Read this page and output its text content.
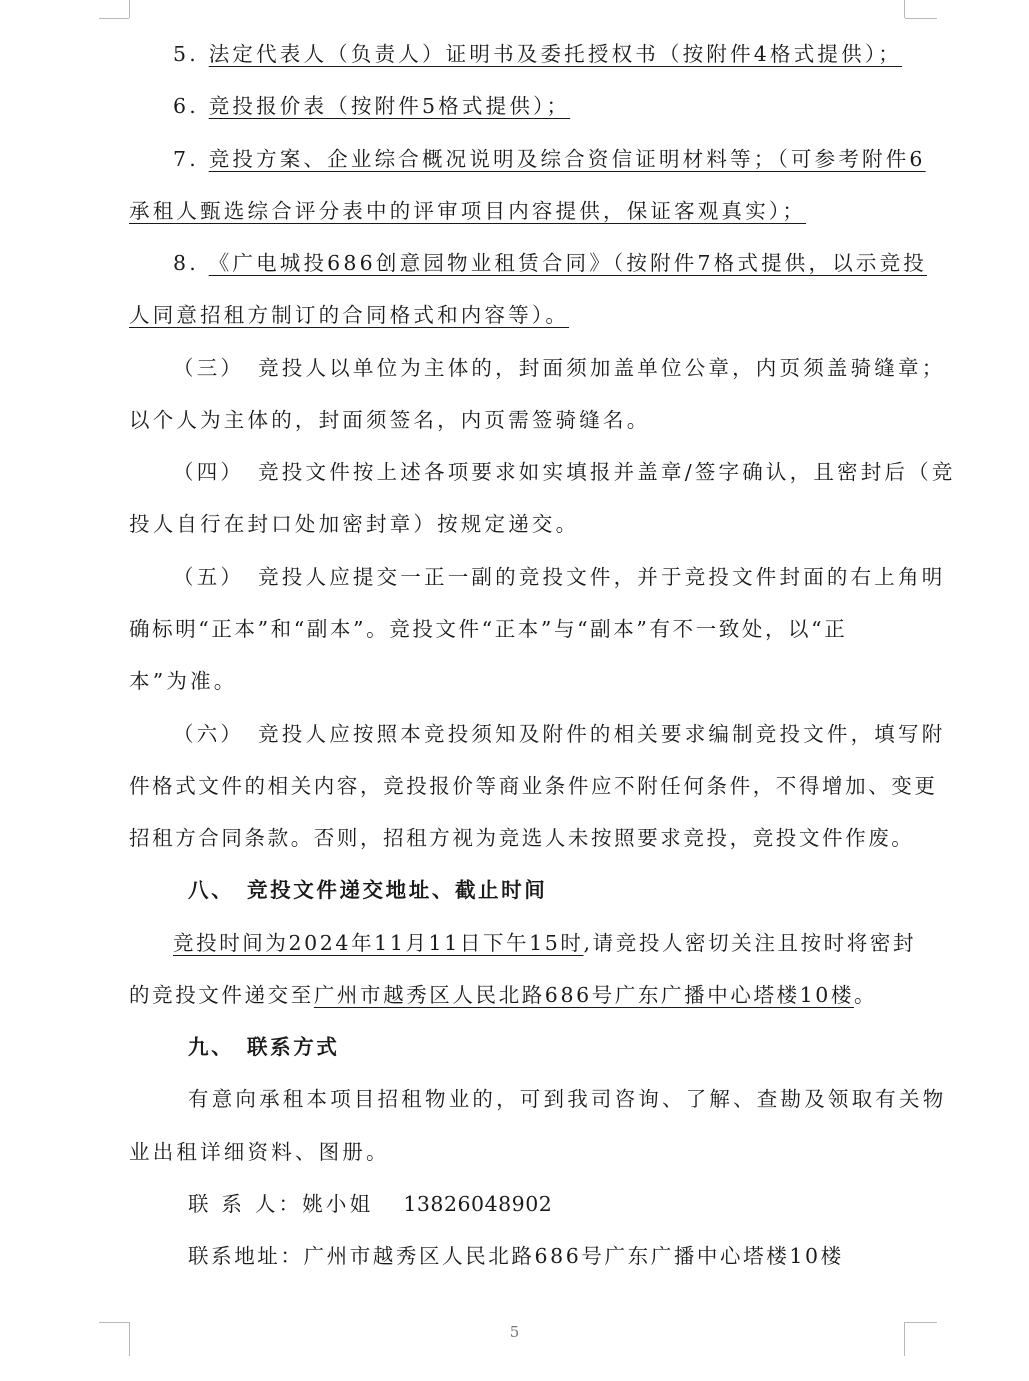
5. 法定代表人（负责人）证明书及委托授权书（按附件4格式提供）；
6. 竞投报价表（按附件5格式提供）；
7. 竞投方案、企业综合概况说明及综合资信证明材料等；（可参考附件6
承租人甄选综合评分表中的评审项目内容提供，保证客观真实）；
8. 《广电城投686创意园物业租赁合同》（按附件7格式提供，以示竞投
人同意招租方制订的合同格式和内容等）。
（三） 竞投人以单位为主体的，封面须加盖单位公章，内页须盖骑缝章；
以个人为主体的，封面须签名，内页需签骑缝名。
（四） 竞投文件按上述各项要求如实填报并盖章/签字确认，且密封后（竞
投人自行在封口处加密封章）按规定递交。
（五） 竞投人应提交一正一副的竞投文件，并于竞投文件封面的右上角明
确标明“正本”和“副本”。竞投文件“正本”与“副本”有不一致处，以“正
本”为准。
（六） 竞投人应按照本竞投须知及附件的相关要求编制竞投文件，填写附
件格式文件的相关内容，竞投报价等商业条件应不附任何条件，不得增加、变更
招租方合同条款。否则，招租方视为竞选人未按照要求竞投，竞投文件作废。
八、　竞投文件递交地址、截止时间
竞投时间为2024年11月11日下午15时,请竞投人密切关注且按时将密封
的竞投文件递交至广州市越秀区人民北路686号广东广播中心塔楼10楼。
九、　联系方式
有意向承租本项目招租物业的，可到我司咨询、了解、查勘及领取有关物
业出租详细资料、图册。
联 系 人：姚小姐 13826048902
联系地址：广州市越秀区人民北路686号广东广播中心塔楼10楼
5
